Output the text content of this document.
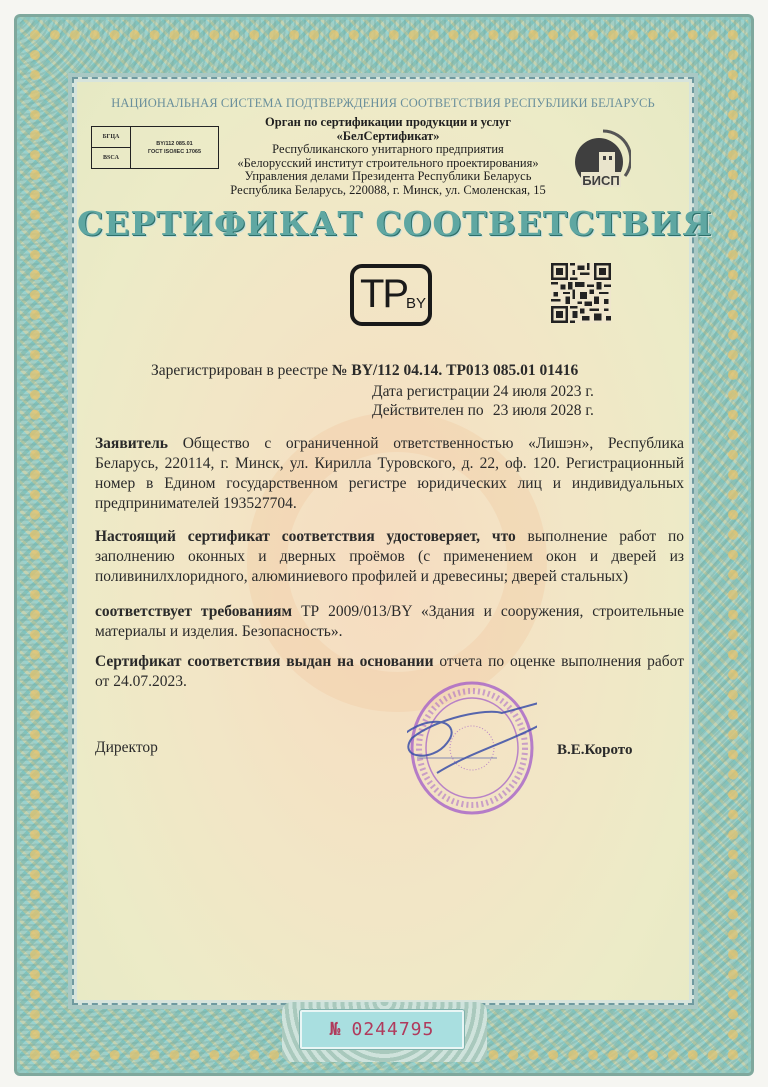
НАЦИОНАЛЬНАЯ СИСТЕМА ПОДТВЕРЖДЕНИЯ СООТВЕТСТВИЯ РЕСПУБЛИКИ БЕЛАРУСЬ
БГЦА
BSCA
BY/112 085.01
ГОСТ ISO/IEC 17065
Орган по сертификации продукции и услуг
«БелСертификат»
Республиканского унитарного предприятия
«Белорусский институт строительного проектирования»
Управления делами Президента Республики Беларусь
Республика Беларусь, 220088, г. Минск, ул. Смоленская, 15
БИСП
СЕРТИФИКАТ СООТВЕТСТВИЯ
TP
BY
Зарегистрирован в реестре № BY/112 04.14. ТР013 085.01 01416
Дата регистрации 24 июля 2023 г.
Действителен по 23 июля 2028 г.
Заявитель Общество с ограниченной ответственностью «Лишэн», Республика Беларусь, 220114, г. Минск, ул. Кирилла Туровского, д. 22, оф. 120. Регистрационный номер в Едином государственном регистре юридических лиц и индивидуальных предпринимателей 193527704.
Настоящий сертификат соответствия удостоверяет, что выполнение работ по заполнению оконных и дверных проёмов (с применением окон и дверей из поливинилхлоридного, алюминиевого профилей и древесины; дверей стальных)
соответствует требованиям ТР 2009/013/BY «Здания и сооружения, строительные материалы и изделия. Безопасность».
Сертификат соответствия выдан на основании отчета по оценке выполнения работ от 24.07.2023.
Директор	В.Е.Корото
№ 0244795
